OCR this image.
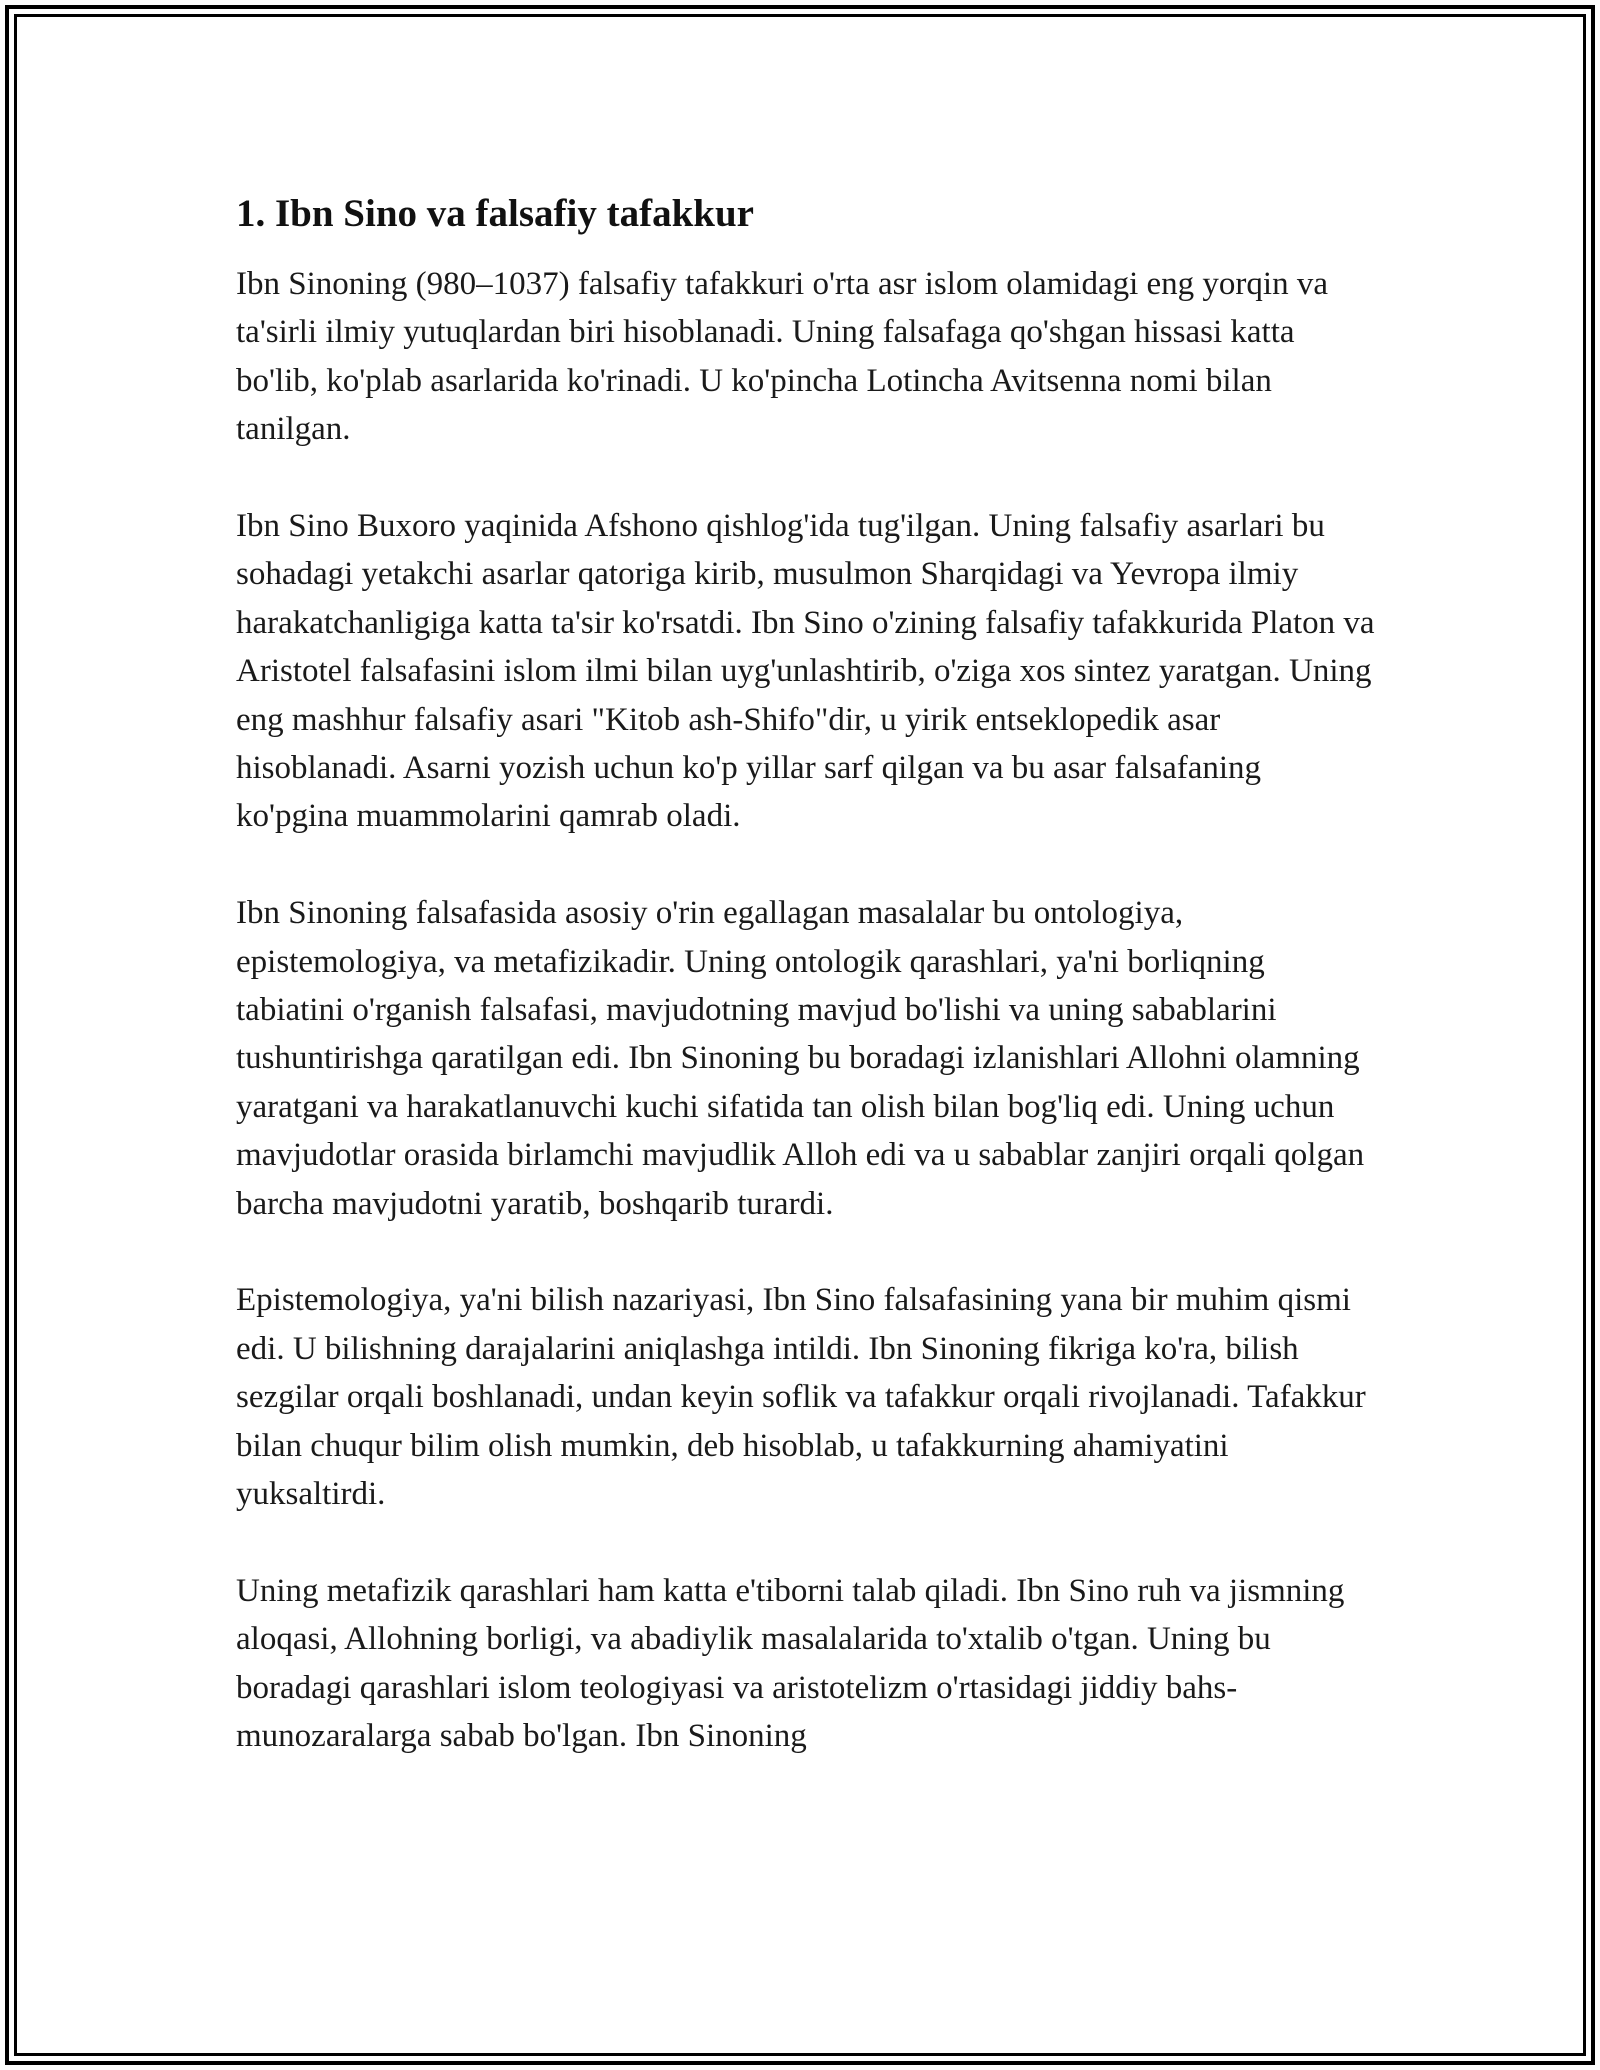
1. Ibn Sino va falsafiy tafakkur

Ibn Sinoning (980–1037) falsafiy tafakkuri o'rta asr islom olamidagi eng yorqin va ta'sirli ilmiy yutuqlardan biri hisoblanadi. Uning falsafaga qo'shgan hissasi katta bo'lib, ko'plab asarlarida ko'rinadi. U ko'pincha Lotincha Avitsenna nomi bilan tanilgan.

Ibn Sino Buxoro yaqinida Afshono qishlog'ida tug'ilgan. Uning falsafiy asarlari bu sohadagi yetakchi asarlar qatoriga kirib, musulmon Sharqidagi va Yevropa ilmiy harakatchanligiga katta ta'sir ko'rsatdi. Ibn Sino o'zining falsafiy tafakkurida Platon va Aristotel falsafasini islom ilmi bilan uyg'unlashtirib, o'ziga xos sintez yaratgan. Uning eng mashhur falsafiy asari "Kitob ash-Shifo"dir, u yirik entseklopedik asar hisoblanadi. Asarni yozish uchun ko'p yillar sarf qilgan va bu asar falsafaning ko'pgina muammolarini qamrab oladi.

Ibn Sinoning falsafasida asosiy o'rin egallagan masalalar bu ontologiya, epistemologiya, va metafizikadir. Uning ontologik qarashlari, ya'ni borliqning tabiatini o'rganish falsafasi, mavjudotning mavjud bo'lishi va uning sabablarini tushuntirishga qaratilgan edi. Ibn Sinoning bu boradagi izlanishlari Allohni olamning yaratgani va harakatlanuvchi kuchi sifatida tan olish bilan bog'liq edi. Uning uchun mavjudotlar orasida birlamchi mavjudlik Alloh edi va u sabablar zanjiri orqali qolgan barcha mavjudotni yaratib, boshqarib turardi.

Epistemologiya, ya'ni bilish nazariyasi, Ibn Sino falsafasining yana bir muhim qismi edi. U bilishning darajalarini aniqlashga intildi. Ibn Sinoning fikriga ko'ra, bilish sezgilar orqali boshlanadi, undan keyin soflik va tafakkur orqali rivojlanadi. Tafakkur bilan chuqur bilim olish mumkin, deb hisoblab, u tafakkurning ahamiyatini yuksaltirdi.

Uning metafizik qarashlari ham katta e'tiborni talab qiladi. Ibn Sino ruh va jismning aloqasi, Allohning borligi, va abadiylik masalalarida to'xtalib o'tgan. Uning bu boradagi qarashlari islom teologiyasi va aristotelizm o'rtasidagi jiddiy bahs-munozaralarga sabab bo'lgan. Ibn Sinoning
